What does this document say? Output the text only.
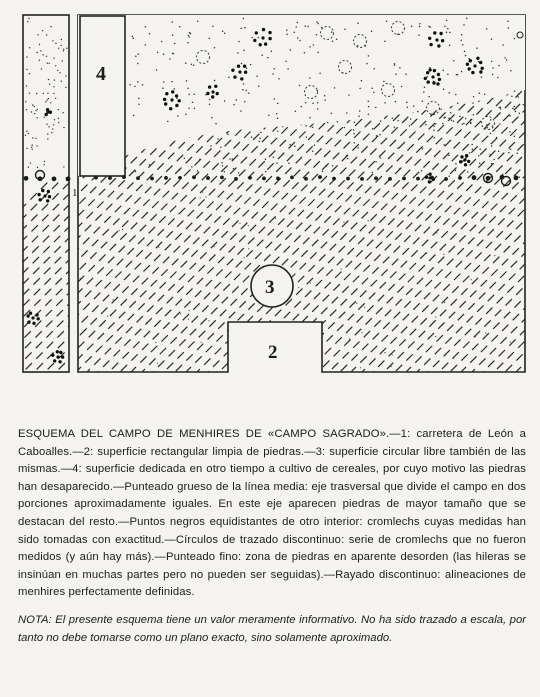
1
2
3
4

ESQUEMA DEL CAMPO DE MENHIRES DE «CAMPO SAGRADO».—1: carretera de León a Caboalles.—2: superficie rectangular limpia de piedras.—3: superficie circular libre también de las mismas.—4: superficie dedicada en otro tiempo a cultivo de cereales, por cuyo motivo las piedras han desaparecido.—Punteado grueso de la línea media: eje trasversal que divide el campo en dos porciones aproximadamente iguales. En este eje aparecen piedras de mayor tamaño que se destacan del resto.—Puntos negros equidistantes de otro interior: cromlechs cuyas medidas han sido tomadas con exactitud.—Círculos de trazado discontinuo: serie de cromlechs que no fueron medidos (y aún hay más).—Punteado fino: zona de piedras en aparente desorden (las hileras se insinúan en muchas partes pero no pueden ser seguidas).—Rayado discontinuo: alineaciones de menhires perfectamente definidas.

NOTA: El presente esquema tiene un valor meramente informativo. No ha sido trazado a escala, por tanto no debe tomarse como un plano exacto, sino solamente aproximado.
